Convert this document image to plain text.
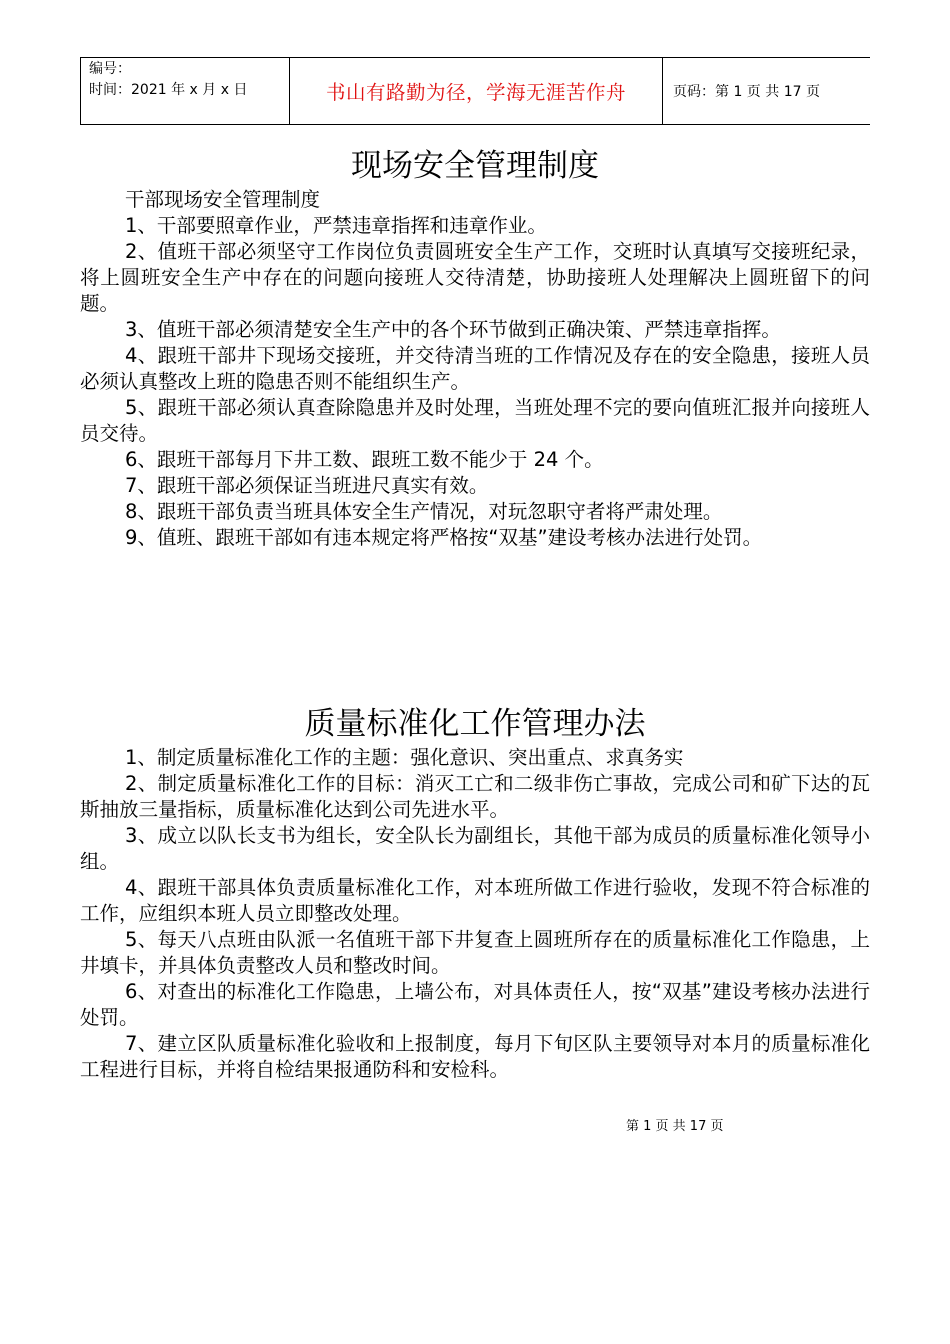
编号：
时间：2021 年 x 月 x 日	书山有路勤为径，学海无涯苦作舟	页码：第 1 页 共 17 页
现场安全管理制度

干部现场安全管理制度

1、干部要照章作业，严禁违章指挥和违章作业。

2、值班干部必须坚守工作岗位负责圆班安全生产工作，交班时认真填写交接班纪录，将上圆班安全生产中存在的问题向接班人交待清楚，协助接班人处理解决上圆班留下的问题。

3、值班干部必须清楚安全生产中的各个环节做到正确决策、严禁违章指挥。

4、跟班干部井下现场交接班，并交待清当班的工作情况及存在的安全隐患，接班人员必须认真整改上班的隐患否则不能组织生产。

5、跟班干部必须认真查除隐患并及时处理，当班处理不完的要向值班汇报并向接班人员交待。

6、跟班干部每月下井工数、跟班工数不能少于 24 个。

7、跟班干部必须保证当班进尺真实有效。

8、跟班干部负责当班具体安全生产情况，对玩忽职守者将严肃处理。

9、值班、跟班干部如有违本规定将严格按“双基”建设考核办法进行处罚。

质量标准化工作管理办法

1、制定质量标准化工作的主题：强化意识、突出重点、求真务实

2、制定质量标准化工作的目标：消灭工亡和二级非伤亡事故，完成公司和矿下达的瓦斯抽放三量指标，质量标准化达到公司先进水平。

3、成立以队长支书为组长，安全队长为副组长，其他干部为成员的质量标准化领导小组。

4、跟班干部具体负责质量标准化工作，对本班所做工作进行验收，发现不符合标准的工作，应组织本班人员立即整改处理。

5、每天八点班由队派一名值班干部下井复查上圆班所存在的质量标准化工作隐患，上井填卡，并具体负责整改人员和整改时间。

6、对查出的标准化工作隐患，上墙公布，对具体责任人，按“双基”建设考核办法进行处罚。

7、建立区队质量标准化验收和上报制度，每月下旬区队主要领导对本月的质量标准化工程进行目标，并将自检结果报通防科和安检科。

第 1 页 共 17 页
